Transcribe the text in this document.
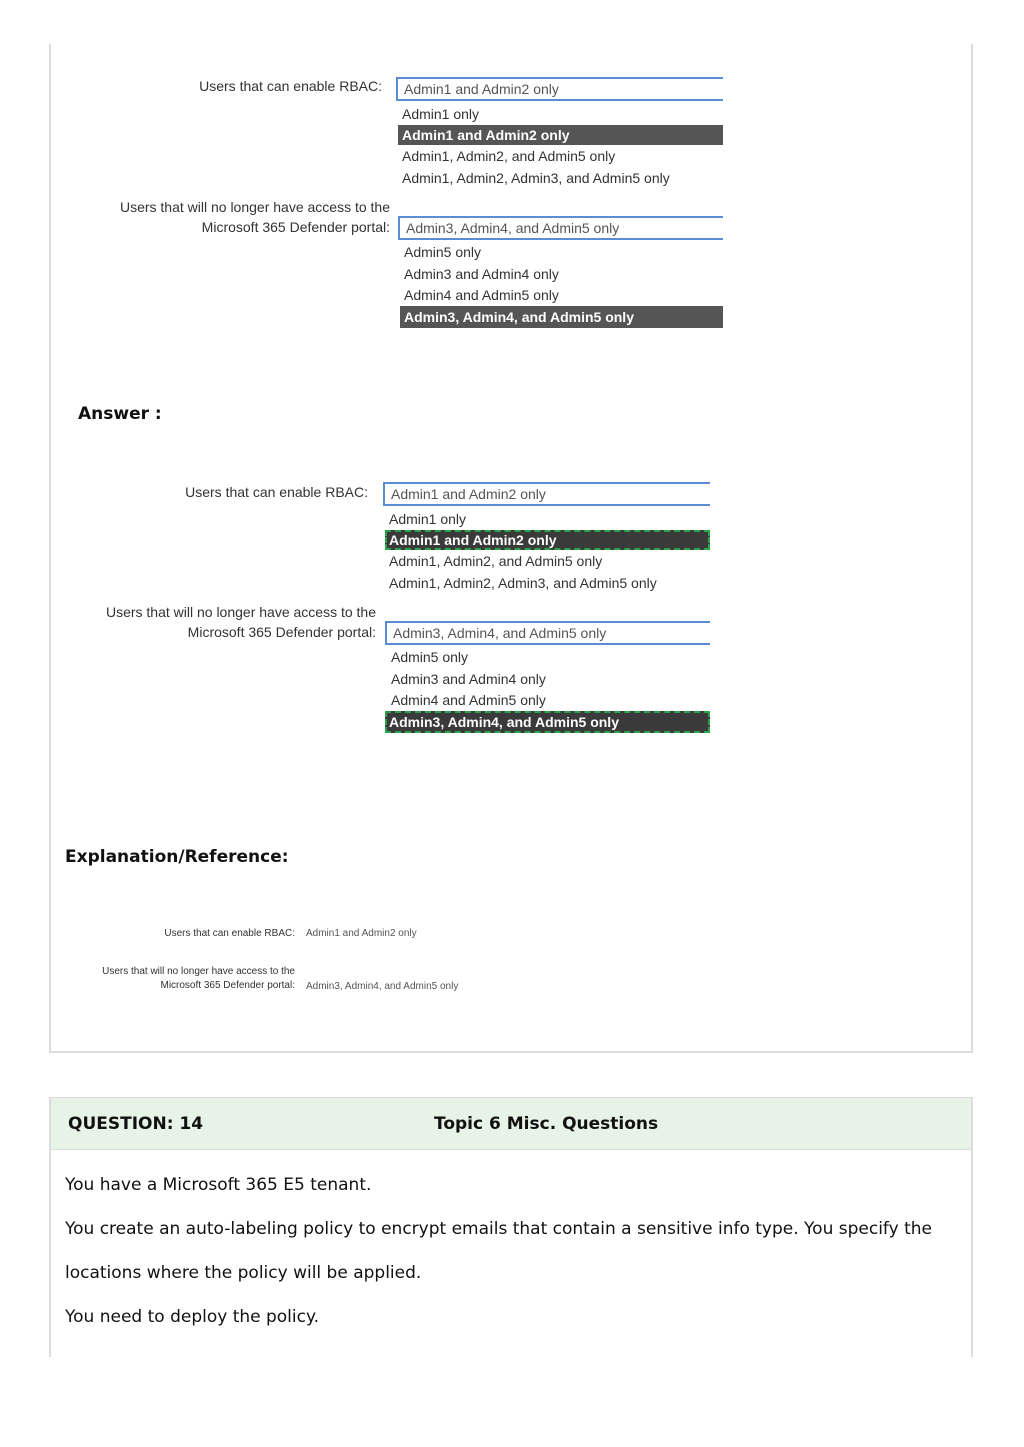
Users that can enable RBAC:	Admin1 and Admin2 only
Admin1 only
Admin1 and Admin2 only
Admin1, Admin2, and Admin5 only
Admin1, Admin2, Admin3, and Admin5 only
Users that will no longer have access to the
Microsoft 365 Defender portal:	Admin3, Admin4, and Admin5 only
Admin5 only
Admin3 and Admin4 only
Admin4 and Admin5 only
Admin3, Admin4, and Admin5 only
Answer :
Users that can enable RBAC:	Admin1 and Admin2 only
Admin1 only
Admin1 and Admin2 only
Admin1, Admin2, and Admin5 only
Admin1, Admin2, Admin3, and Admin5 only
Users that will no longer have access to the
Microsoft 365 Defender portal:	Admin3, Admin4, and Admin5 only
Admin5 only
Admin3 and Admin4 only
Admin4 and Admin5 only
Admin3, Admin4, and Admin5 only
Explanation/Reference:
Users that can enable RBAC:	Admin1 and Admin2 only
Users that will no longer have access to the
Microsoft 365 Defender portal:	Admin3, Admin4, and Admin5 only
QUESTION: 14	Topic 6 Misc. Questions
You have a Microsoft 365 E5 tenant.
You create an auto-labeling policy to encrypt emails that contain a sensitive info type. You specify the
locations where the policy will be applied.
You need to deploy the policy.
